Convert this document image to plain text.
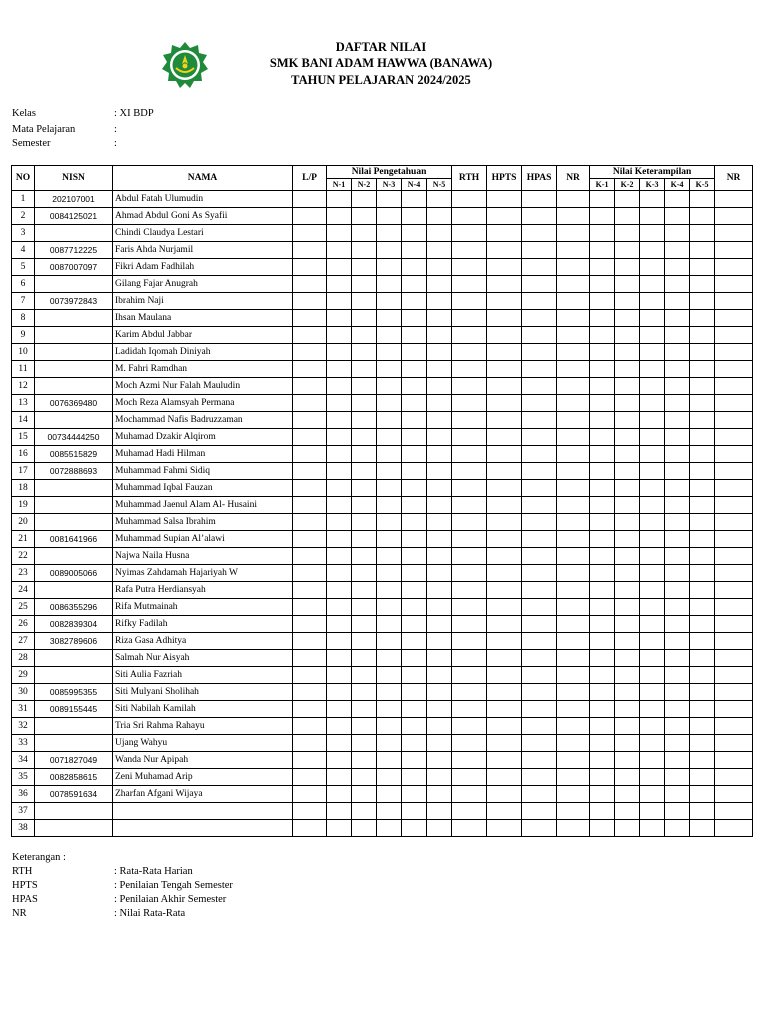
DAFTAR NILAI
SMK BANI ADAM HAWWA (BANAWA)
TAHUN PELAJARAN 2024/2025
Kelas	: XI BDP
Mata Pelajaran	:
Semester	:
NO	NISN	NAMA	L/P	Nilai Pengetahuan					RTH	HPTS	HPAS	NR	Nilai Keterampilan					NR
				N-1	N-2	N-3	N-4	N-5					K-1	K-2	K-3	K-4	K-5	
1	202107001	Abdul Fatah Ulumudin																
2	0084125021	Ahmad Abdul Goni As Syafii																
3		Chindi Claudya Lestari																
4	0087712225	Faris Ahda Nurjamil																
5	0087007097	Fikri Adam Fadhilah																
6		Gilang Fajar Anugrah																
7	0073972843	Ibrahim Naji																
8		Ihsan Maulana																
9		Karim Abdul Jabbar																
10		Ladidah Iqomah Diniyah																
11		M. Fahri Ramdhan																
12		Moch Azmi Nur Falah Mauludin																
13	0076369480	Moch Reza Alamsyah Permana																
14		Mochammad Nafis Badruzzaman																
15	00734444250	Muhamad Dzakir Alqirom																
16	0085515829	Muhamad Hadi Hilman																
17	0072888693	Muhammad Fahmi Sidiq																
18		Muhammad Iqbal Fauzan																
19		Muhammad Jaenul Alam Al- Husaini																
20		Muhammad Salsa Ibrahim																
21	0081641966	Muhammad Supian Al’alawi																
22		Najwa Naila Husna																
23	0089005066	Nyimas Zahdamah Hajariyah W																
24		Rafa Putra Herdiansyah																
25	0086355296	Rifa Mutmainah																
26	0082839304	Rifky Fadilah																
27	3082789606	Riza Gasa Adhitya																
28		Salmah Nur Aisyah																
29		Siti Aulia Fazriah																
30	0085995355	Siti Mulyani Sholihah																
31	0089155445	Siti Nabilah Kamilah																
32		Tria Sri Rahma Rahayu																
33		Ujang Wahyu																
34	0071827049	Wanda Nur Apipah																
35	0082858615	Zeni Muhamad Arip																
36	0078591634	Zharfan Afgani Wijaya																
37																		
38																		
Keterangan :
RTH	: Rata-Rata Harian
HPTS	: Penilaian Tengah Semester
HPAS	: Penilaian Akhir Semester
NR	: Nilai Rata-Rata
